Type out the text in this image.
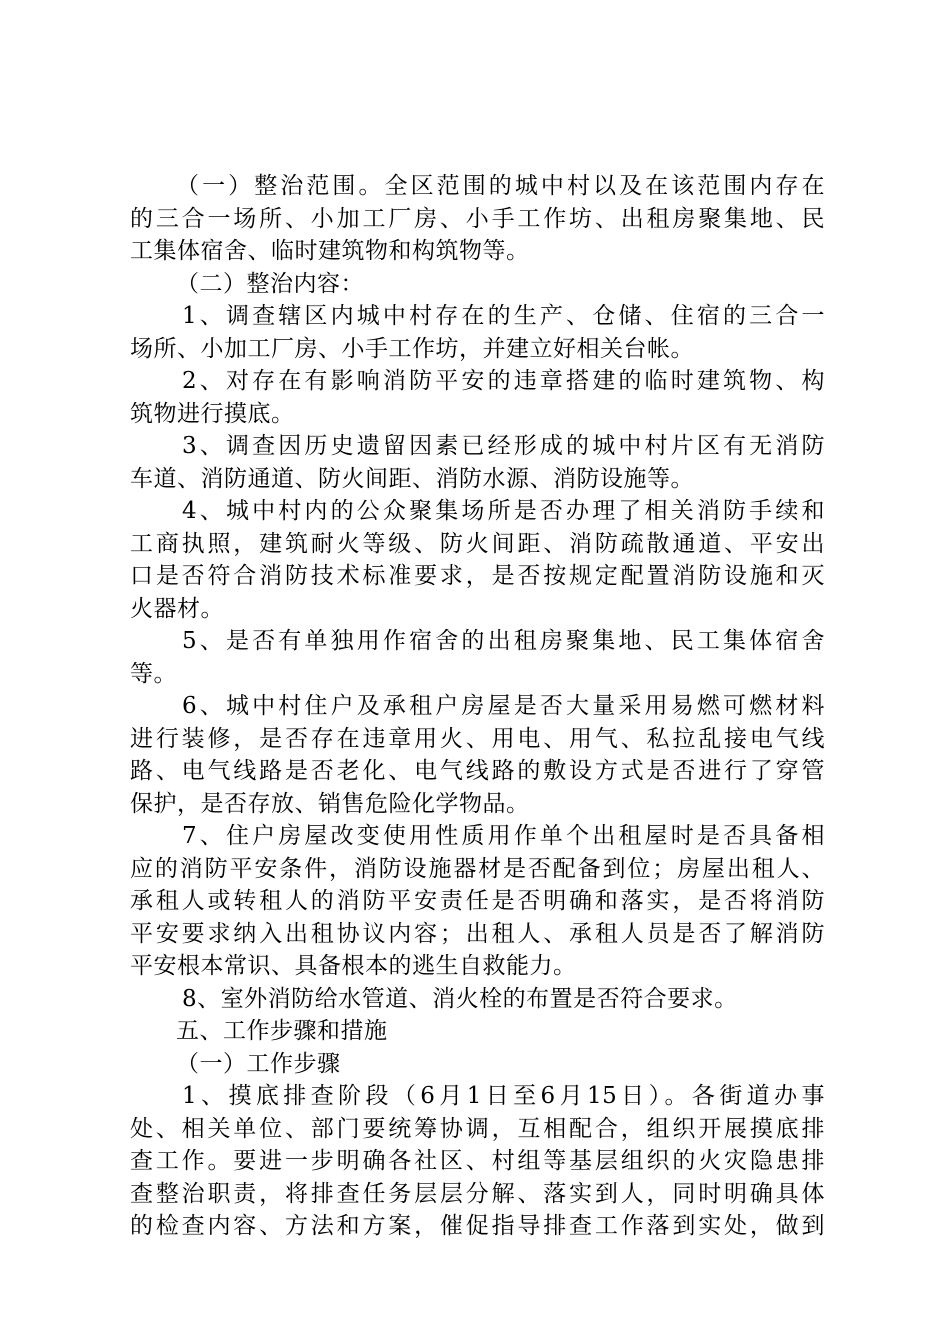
（一）整治范围。全区范围的城中村以及在该范围内存在
的三合一场所、小加工厂房、小手工作坊、出租房聚集地、民
工集体宿舍、临时建筑物和构筑物等。
（二）整治内容：
1、调查辖区内城中村存在的生产、仓储、住宿的三合一
场所、小加工厂房、小手工作坊，并建立好相关台帐。
2、对存在有影响消防平安的违章搭建的临时建筑物、构
筑物进行摸底。
3、调查因历史遗留因素已经形成的城中村片区有无消防
车道、消防通道、防火间距、消防水源、消防设施等。
4、城中村内的公众聚集场所是否办理了相关消防手续和
工商执照，建筑耐火等级、防火间距、消防疏散通道、平安出
口是否符合消防技术标准要求，是否按规定配置消防设施和灭
火器材。
5、是否有单独用作宿舍的出租房聚集地、民工集体宿舍
等。
6、城中村住户及承租户房屋是否大量采用易燃可燃材料
进行装修，是否存在违章用火、用电、用气、私拉乱接电气线
路、电气线路是否老化、电气线路的敷设方式是否进行了穿管
保护，是否存放、销售危险化学物品。
7、住户房屋改变使用性质用作单个出租屋时是否具备相
应的消防平安条件，消防设施器材是否配备到位；房屋出租人、
承租人或转租人的消防平安责任是否明确和落实，是否将消防
平安要求纳入出租协议内容；出租人、承租人员是否了解消防
平安根本常识、具备根本的逃生自救能力。
8、室外消防给水管道、消火栓的布置是否符合要求。
五、工作步骤和措施
（一）工作步骤
1、摸底排查阶段（6月1日至6月15日）。各街道办事
处、相关单位、部门要统筹协调，互相配合，组织开展摸底排
查工作。要进一步明确各社区、村组等基层组织的火灾隐患排
查整治职责，将排查任务层层分解、落实到人，同时明确具体
的检查内容、方法和方案，催促指导排查工作落到实处，做到
